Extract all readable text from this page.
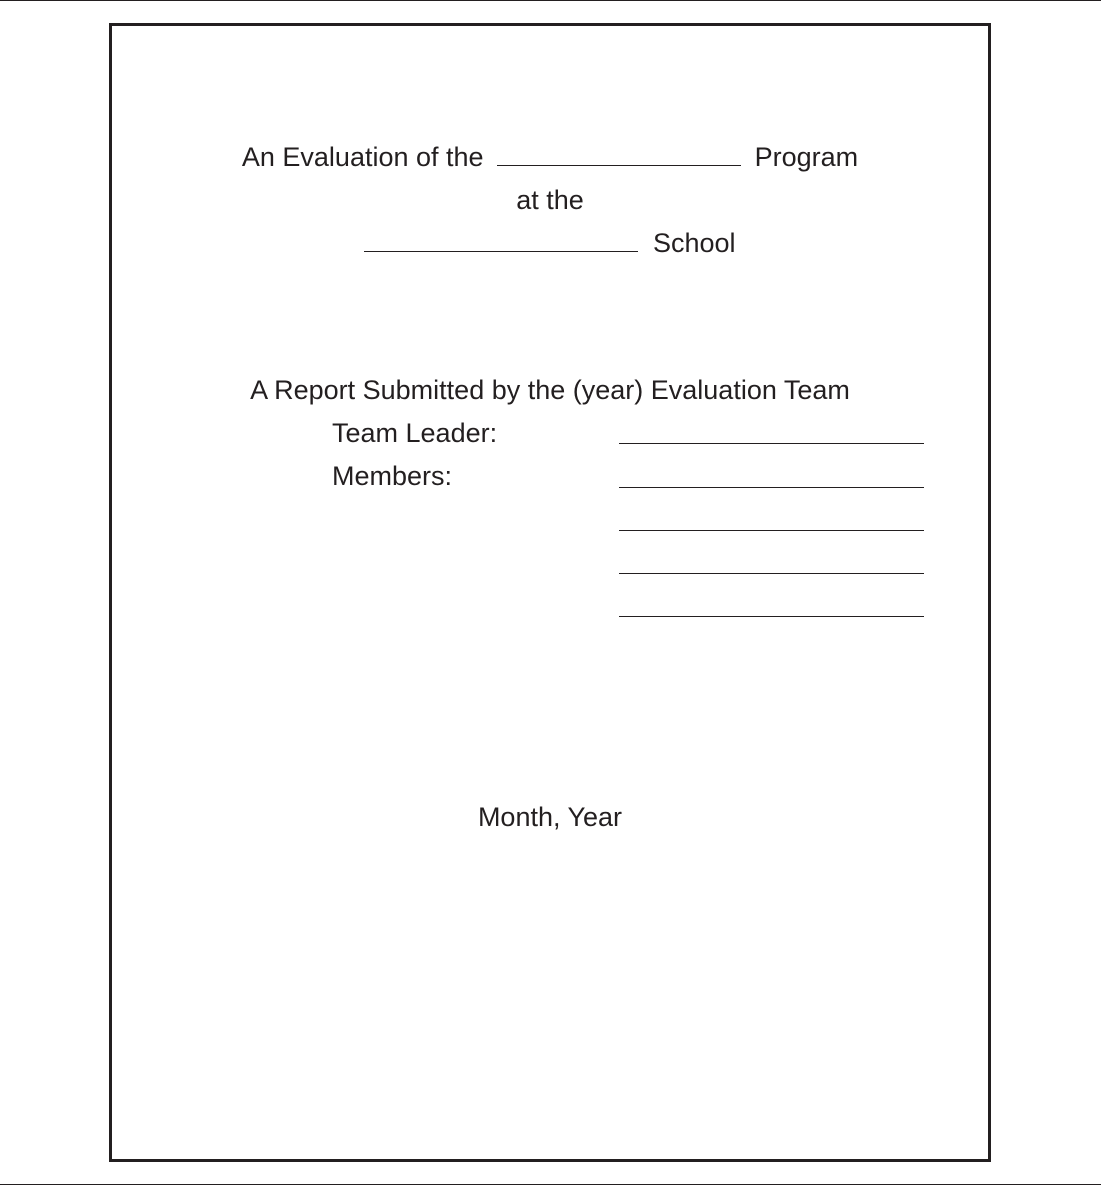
An Evaluation of the	Program
at the
School
A Report Submitted by the (year) Evaluation Team
Team Leader:
Members:
Month, Year
